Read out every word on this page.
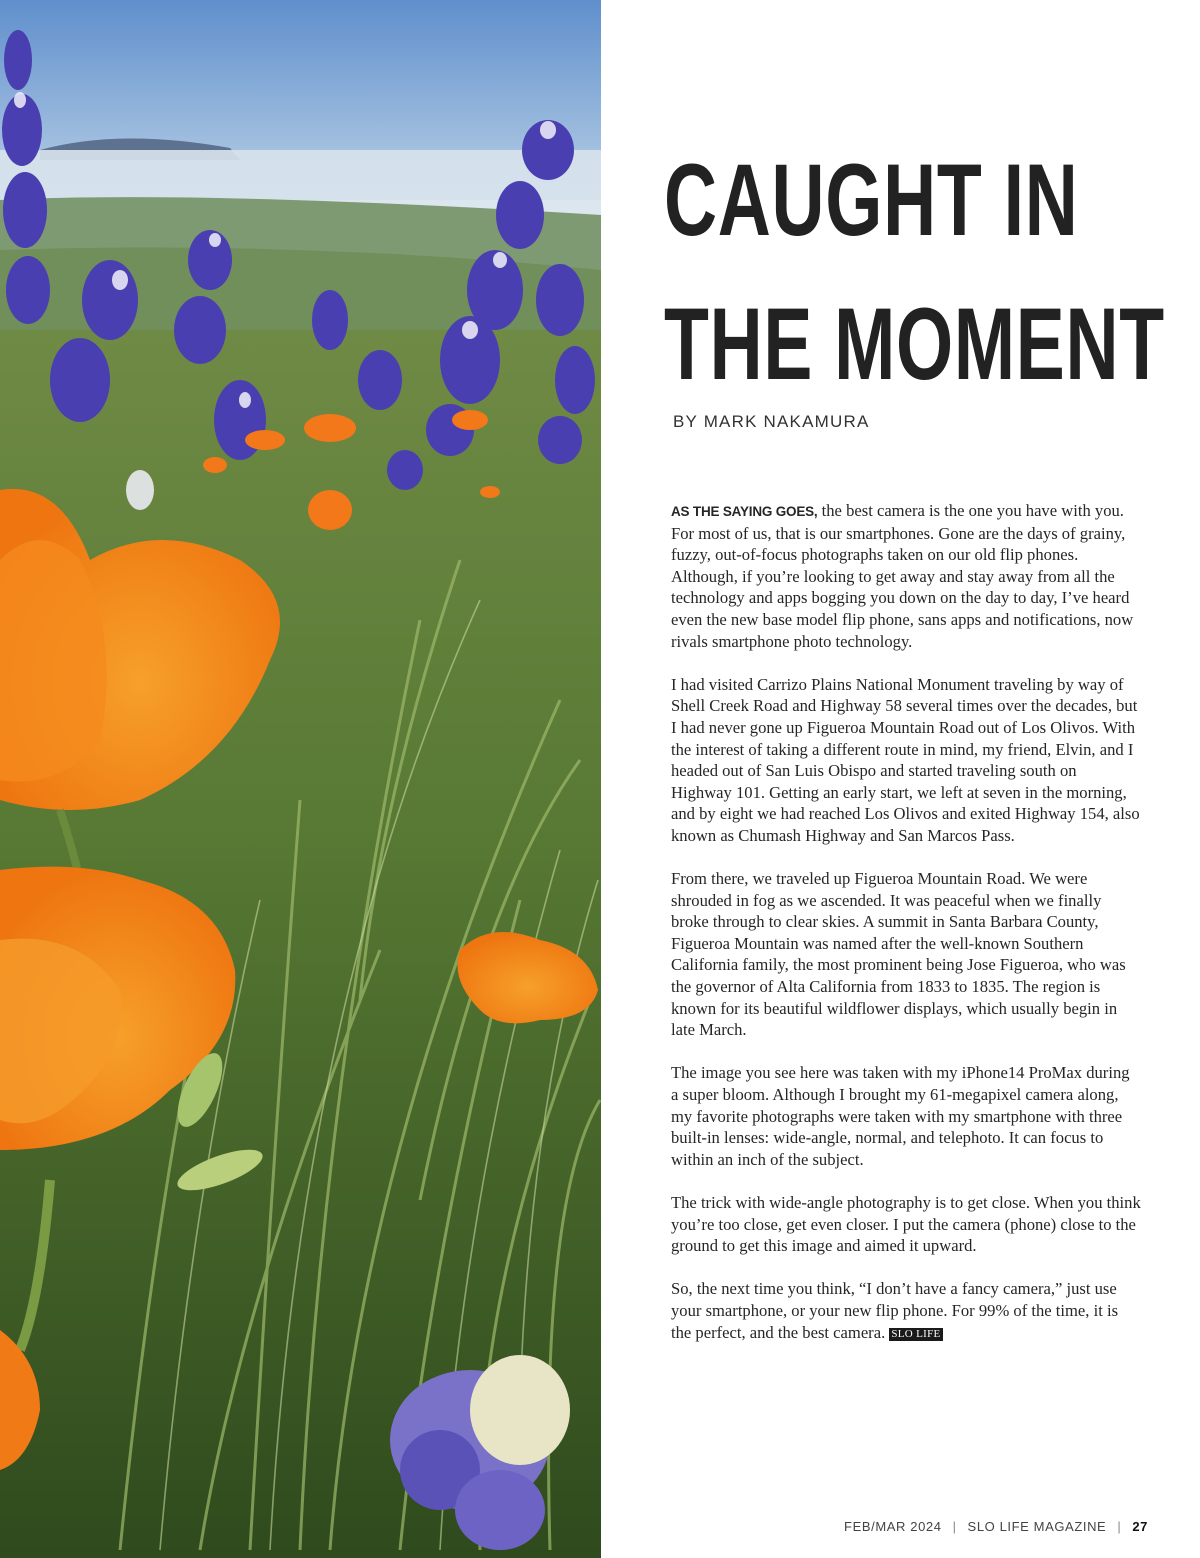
CAUGHT IN
THE MOMENT
BY MARK NAKAMURA

AS THE SAYING GOES, the best camera is the one you have with you. For most of us, that is our smartphones. Gone are the days of grainy, fuzzy, out-of-focus photographs taken on our old flip phones. Although, if you’re looking to get away and stay away from all the technology and apps bogging you down on the day to day, I’ve heard even the new base model flip phone, sans apps and notifications, now rivals smartphone photo technology.

I had visited Carrizo Plains National Monument traveling by way of Shell Creek Road and Highway 58 several times over the decades, but I had never gone up Figueroa Mountain Road out of Los Olivos. With the interest of taking a different route in mind, my friend, Elvin, and I headed out of San Luis Obispo and started traveling south on Highway 101. Getting an early start, we left at seven in the morning, and by eight we had reached Los Olivos and exited Highway 154, also known as Chumash Highway and San Marcos Pass.

From there, we traveled up Figueroa Mountain Road. We were shrouded in fog as we ascended. It was peaceful when we finally broke through to clear skies. A summit in Santa Barbara County, Figueroa Mountain was named after the well-known Southern California family, the most prominent being Jose Figueroa, who was the governor of Alta California from 1833 to 1835. The region is known for its beautiful wildflower displays, which usually begin in late March.

The image you see here was taken with my iPhone14 ProMax during a super bloom. Although I brought my 61-megapixel camera along, my favorite photographs were taken with my smartphone with three built-in lenses: wide-angle, normal, and telephoto. It can focus to within an inch of the subject.

The trick with wide-angle photography is to get close. When you think you’re too close, get even closer. I put the camera (phone) close to the ground to get this image and aimed it upward.

So, the next time you think, “I don’t have a fancy camera,” just use your smartphone, or your new flip phone. For 99% of the time, it is the perfect, and the best camera. SLO LIFE

FEB/MAR 2024 | SLO LIFE MAGAZINE | 27
